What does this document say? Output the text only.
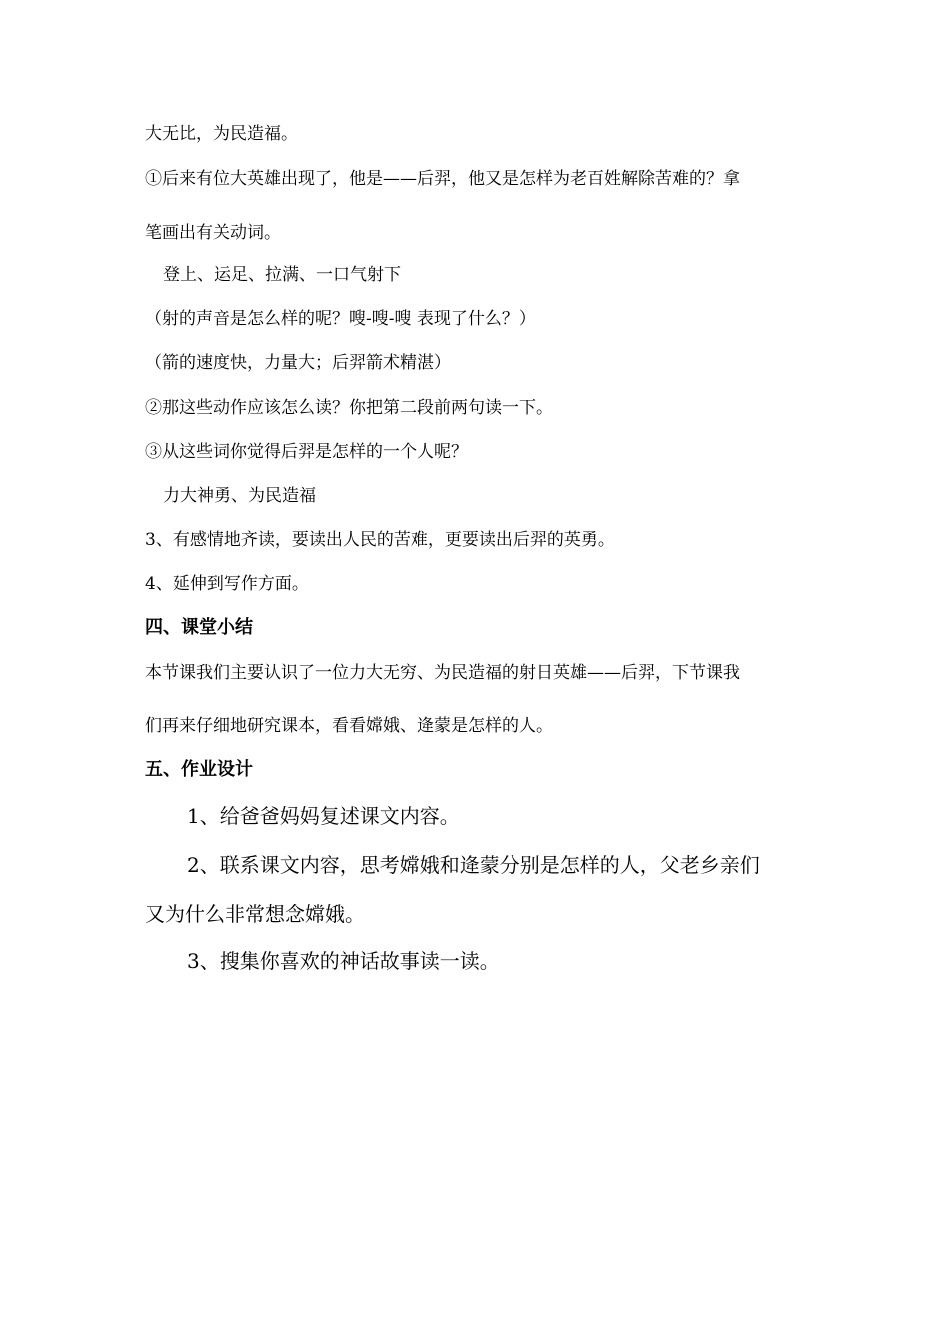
大无比，为民造福。
①后来有位大英雄出现了，他是——后羿，他又是怎样为老百姓解除苦难的？拿
笔画出有关动词。
登上、运足、拉满、一口气射下
（射的声音是怎么样的呢？嗖-嗖-嗖 表现了什么？）
（箭的速度快，力量大；后羿箭术精湛）
②那这些动作应该怎么读？你把第二段前两句读一下。
③从这些词你觉得后羿是怎样的一个人呢？
力大神勇、为民造福
3、有感情地齐读，要读出人民的苦难，更要读出后羿的英勇。
4、延伸到写作方面。
四、课堂小结
本节课我们主要认识了一位力大无穷、为民造福的射日英雄——后羿，下节课我
们再来仔细地研究课本，看看嫦娥、逄蒙是怎样的人。
五、作业设计
1、给爸爸妈妈复述课文内容。
2、联系课文内容，思考嫦娥和逄蒙分别是怎样的人，父老乡亲们
又为什么非常想念嫦娥。
3、搜集你喜欢的神话故事读一读。
